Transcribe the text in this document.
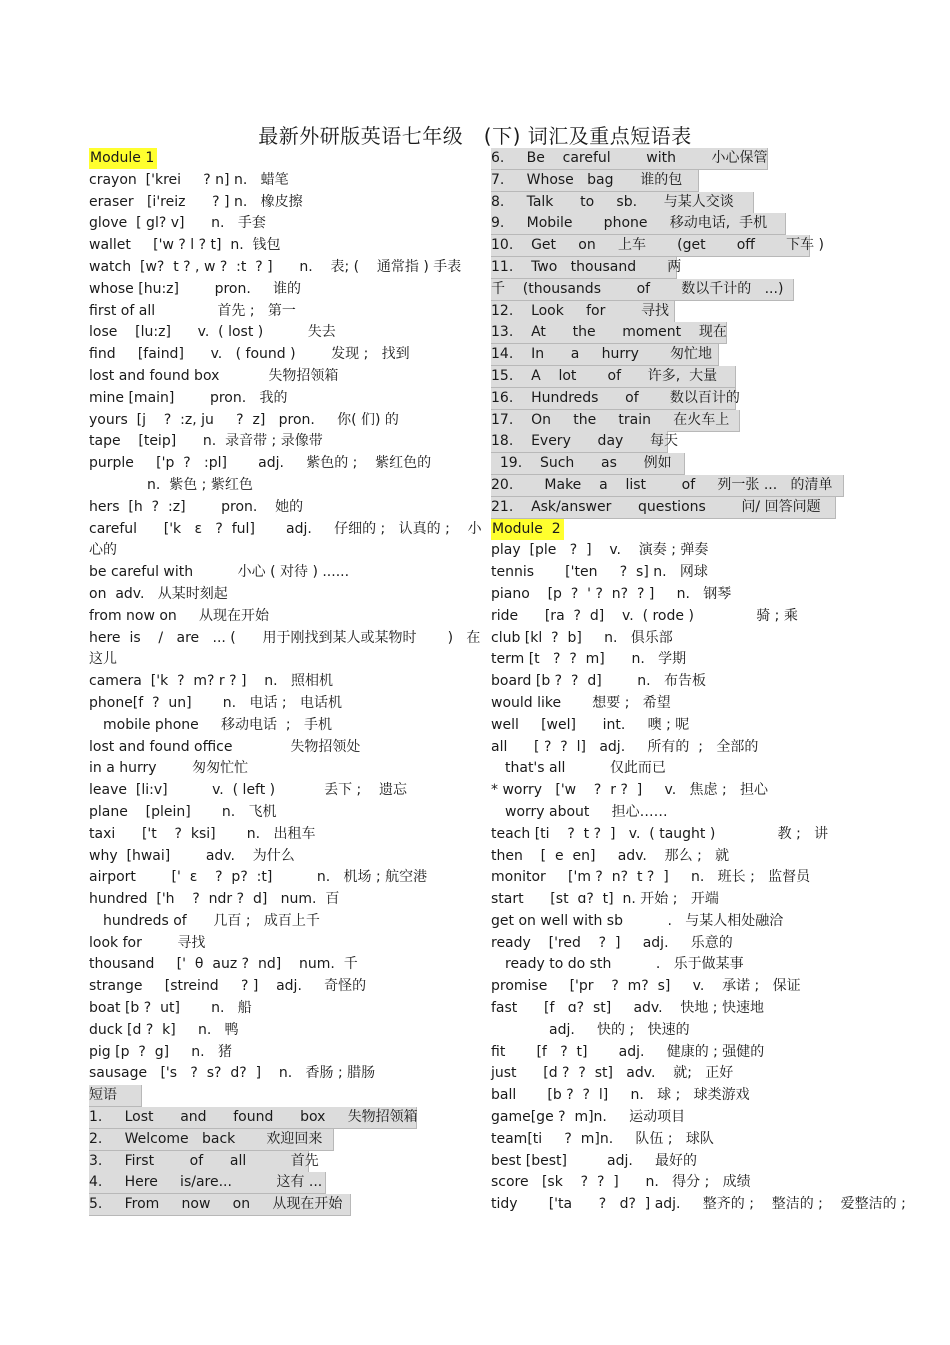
最新外研版英语七年级　(下) 词汇及重点短语表
Module 1
crayon  ['krei     ? n] n.   蜡笔
eraser   [i'reiz      ? ] n.   橡皮擦
glove  [ gl? v]      n.   手套
wallet     ['w ? l ? t]  n.  钱包
watch  [w?  t ? , w ?  :t  ? ]      n.    表; (    通常指 ) 手表
whose [hu:z]        pron.     谁的
first of all              首先 ;   第一
lose    [lu:z]      v.  ( lost )          失去
find     [faind]      v.   ( found )        发现 ;   找到
lost and found box           失物招领箱
mine [main]        pron.   我的
yours  [j    ?  :z, ju     ?  z]   pron.     你( 们) 的
tape    [teip]      n.  录音带 ; 录像带
purple     ['p  ?   :pl]       adj.     紫色的 ;    紫红色的
n.  紫色 ; 紫红色
hers  [h  ?  :z]        pron.    她的
careful      ['k   ε   ?  ful]       adj.     仔细的 ;   认真的 ;    小
心的
be careful with          小心 ( 对待 ) ......
on  adv.   从某时刻起
from now on     从现在开始
here  is    /   are   ... (      用于刚找到某人或某物时       )   在
这儿
camera  ['k  ?  m? r ? ]    n.   照相机
phone[f  ?  un]       n.   电话 ;   电话机
mobile phone     移动电话  ;   手机
lost and found office             失物招领处
in a hurry        匆匆忙忙
leave  [li:v]          v.  ( left )           丢下 ;    遗忘
plane    [plein]       n.   飞机
taxi      ['t    ?  ksi]       n.   出租车
why  [hwai]        adv.    为什么
airport        ['  ε    ?  p?  :t]          n.   机场 ; 航空港
hundred  ['h    ?  ndr ?  d]   num.  百
hundreds of      几百 ;   成百上千
look for        寻找
thousand     ['  θ  auz ?  nd]    num.  千
strange     [streind     ? ]    adj.     奇怪的
boat [b ?  ut]       n.   船
duck [d ?  k]     n.   鸭
pig [p  ?  g]     n.   猪
sausage   ['s   ?  s?  d?  ]    n.   香肠 ; 腊肠
短语
1.     Lost      and      found      box     失物招领箱
2.     Welcome   back       欢迎回来
3.     First        of      all          首先
4.     Here     is/are...          这有 ...
5.     From     now     on     从现在开始
6.     Be    careful        with        小心保管
7.     Whose   bag      谁的包
8.     Talk      to     sb.      与某人交谈
9.     Mobile       phone     移动电话,  手机
10.    Get     on     上车       (get       off       下车 )
11.    Two   thousand       两
千    (thousands        of       数以千计的   ...)
12.    Look     for        寻找
13.    At      the      moment    现在
14.    In      a     hurry       匆忙地
15.    A    lot       of      许多,  大量
16.    Hundreds      of       数以百计的
17.    On     the     train     在火车上
18.    Every      day      每天
19.    Such      as      例如
20.       Make    a    list        of     列一张 ...   的清单
21.    Ask/answer      questions        问/ 回答问题
Module  2
play  [ple   ?  ]    v.    演奏 ; 弹奏
tennis       ['ten     ?  s] n.   网球
piano    [p  ?  ' ?  n?  ? ]     n.   钢琴
ride      [ra  ?  d]    v.  ( rode )              骑 ; 乘
club [kl  ?  b]     n.   俱乐部
term [t   ?  ?  m]      n.   学期
board [b ?  ?  d]        n.   布告板
would like       想要 ;   希望
well     [wel]      int.     噢 ; 呢
all      [ ?  ?  l]   adj.     所有的  ;   全部的
that's all          仅此而已
* worry   ['w    ?  r ?  ]     v.   焦虑 ;   担心
worry about     担心……
teach [ti    ?  t ?  ]   v.  ( taught )              教 ;   讲
then    [  e  en]     adv.    那么 ;   就
monitor     ['m ?  n?  t ?  ]     n.   班长 ;   监督员
start      [st  ɑ?  t]  n. 开始 ;   开端
get on well with sb          .   与某人相处融洽
ready    ['red    ?  ]     adj.     乐意的
ready to do sth          .   乐于做某事
promise     ['pr    ?  m?  s]     v.    承诺 ;   保证
fast      [f   ɑ?  st]     adv.    快地 ; 快速地
adj.     快的 ;   快速的
fit       [f   ?  t]       adj.     健康的 ; 强健的
just      [d ?  ?  st]   adv.    就;   正好
ball       [b ?  ?  l]     n.   球 ;   球类游戏
game[ge ?  m]n.     运动项目
team[ti     ?  m]n.     队伍 ;   球队
best [best]         adj.     最好的
score   [sk    ?  ?  ]      n.   得分 ;   成绩
tidy       ['ta      ?   d?  ] adj.     整齐的 ;    整洁的 ;    爱整洁的 ;
